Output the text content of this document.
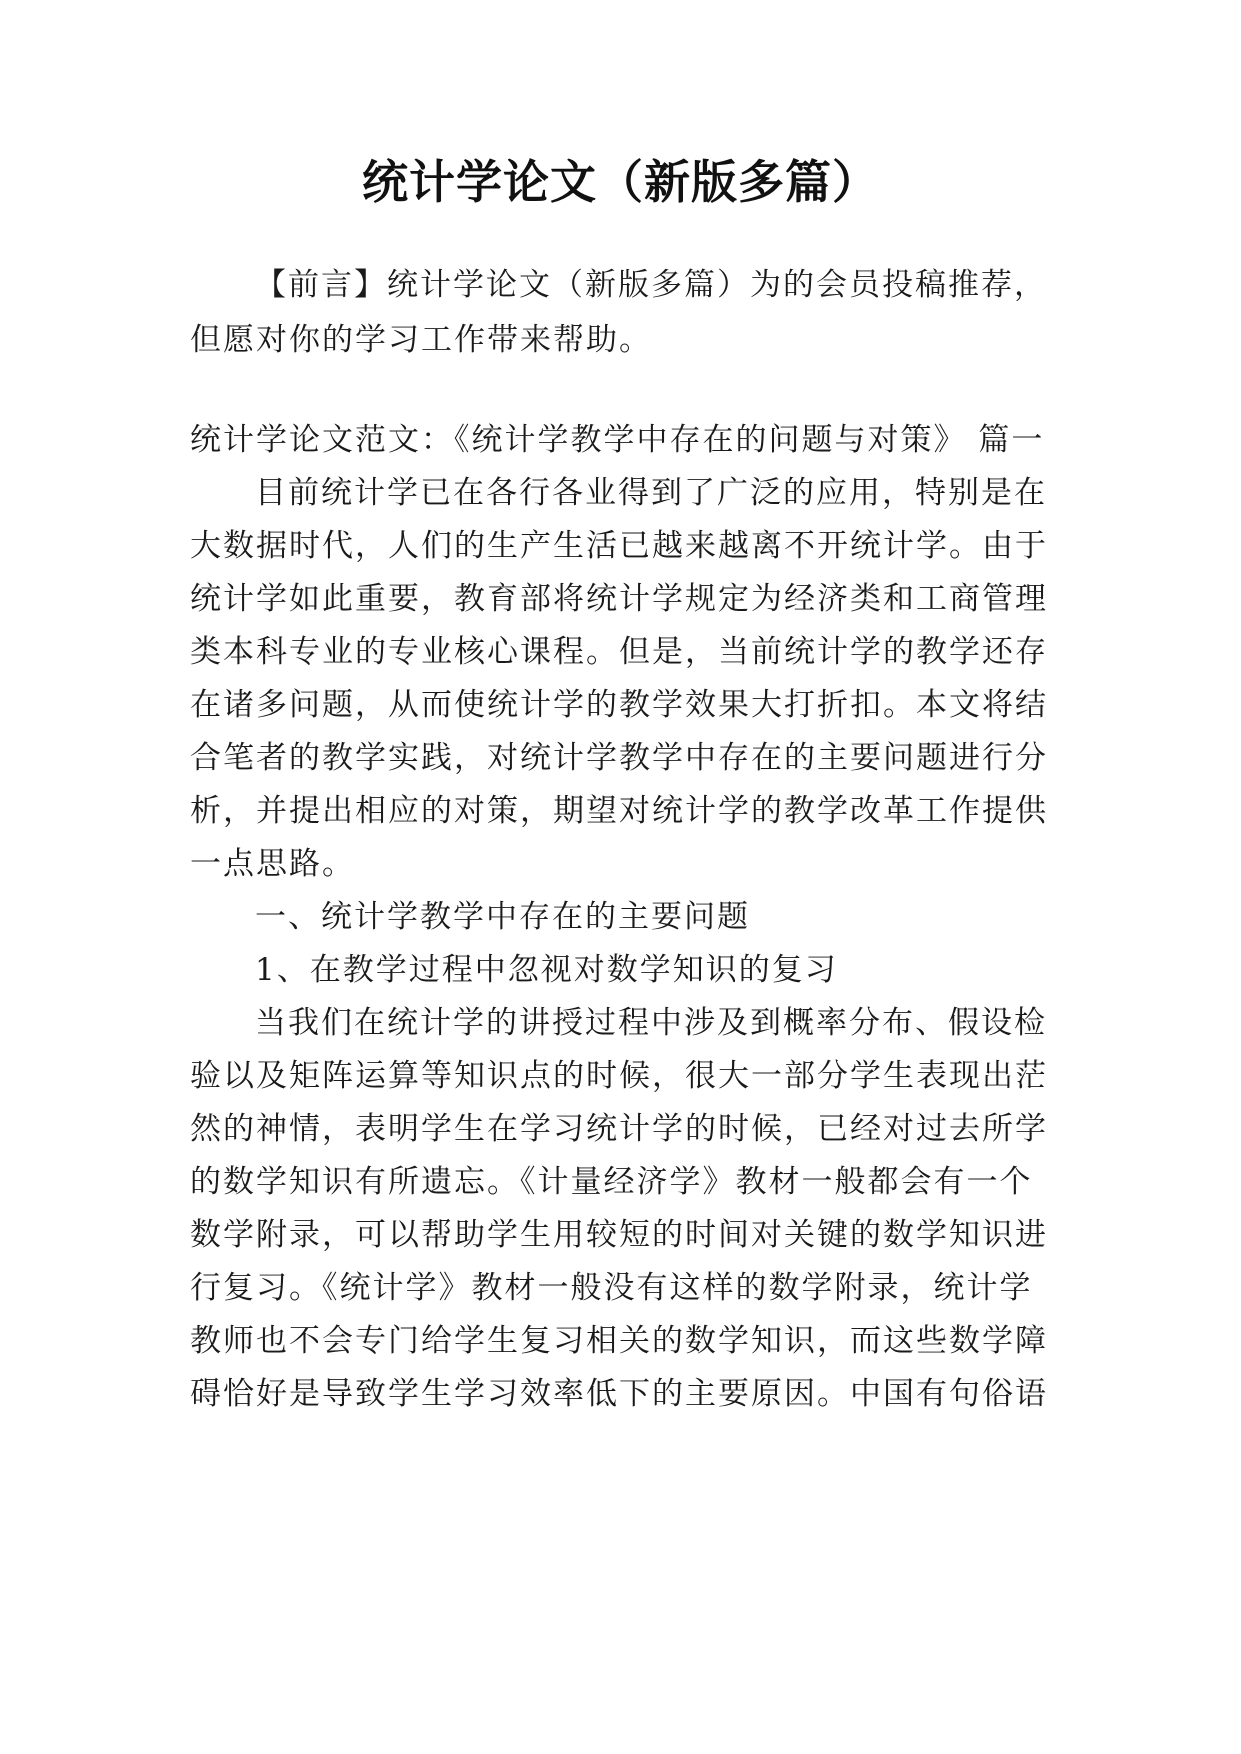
统计学论文（新版多篇）
【前言】统计学论文（新版多篇）为的会员投稿推荐，
但愿对你的学习工作带来帮助。
统计学论文范文：《统计学教学中存在的问题与对策》 篇一
目前统计学已在各行各业得到了广泛的应用，特别是在
大数据时代，人们的生产生活已越来越离不开统计学。由于
统计学如此重要，教育部将统计学规定为经济类和工商管理
类本科专业的专业核心课程。但是，当前统计学的教学还存
在诸多问题，从而使统计学的教学效果大打折扣。本文将结
合笔者的教学实践，对统计学教学中存在的主要问题进行分
析，并提出相应的对策，期望对统计学的教学改革工作提供
一点思路。
一、统计学教学中存在的主要问题
1、在教学过程中忽视对数学知识的复习
当我们在统计学的讲授过程中涉及到概率分布、假设检
验以及矩阵运算等知识点的时候，很大一部分学生表现出茫
然的神情，表明学生在学习统计学的时候，已经对过去所学
的数学知识有所遗忘。《计量经济学》教材一般都会有一个
数学附录，可以帮助学生用较短的时间对关键的数学知识进
行复习。《统计学》教材一般没有这样的数学附录，统计学
教师也不会专门给学生复习相关的数学知识，而这些数学障
碍恰好是导致学生学习效率低下的主要原因。中国有句俗语
